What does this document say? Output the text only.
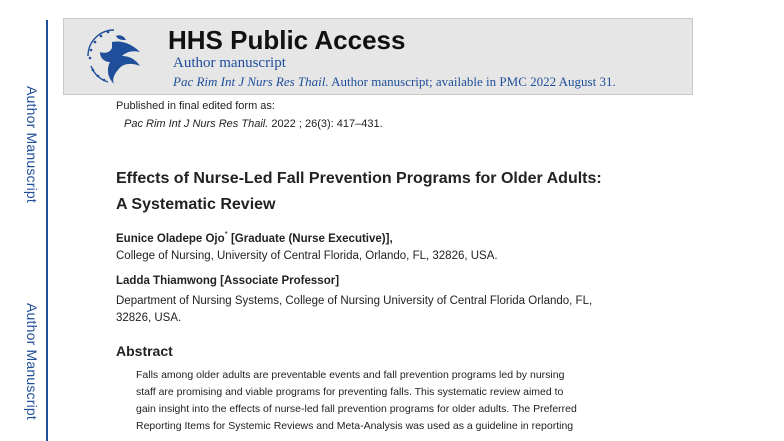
Author Manuscript
Author Manuscript
HHS Public Access
Author manuscript
Pac Rim Int J Nurs Res Thail. Author manuscript; available in PMC 2022 August 31.
Published in final edited form as:
Pac Rim Int J Nurs Res Thail. 2022 ; 26(3): 417–431.
Effects of Nurse-Led Fall Prevention Programs for Older Adults:
A Systematic Review
Eunice Oladepe Ojo* [Graduate (Nurse Executive)],
College of Nursing, University of Central Florida, Orlando, FL, 32826, USA.
Ladda Thiamwong [Associate Professor]
Department of Nursing Systems, College of Nursing University of Central Florida Orlando, FL,
32826, USA.
Abstract
Falls among older adults are preventable events and fall prevention programs led by nursing
staff are promising and viable programs for preventing falls. This systematic review aimed to
gain insight into the effects of nurse-led fall prevention programs for older adults. The Preferred
Reporting Items for Systemic Reviews and Meta-Analysis was used as a guideline in reporting
